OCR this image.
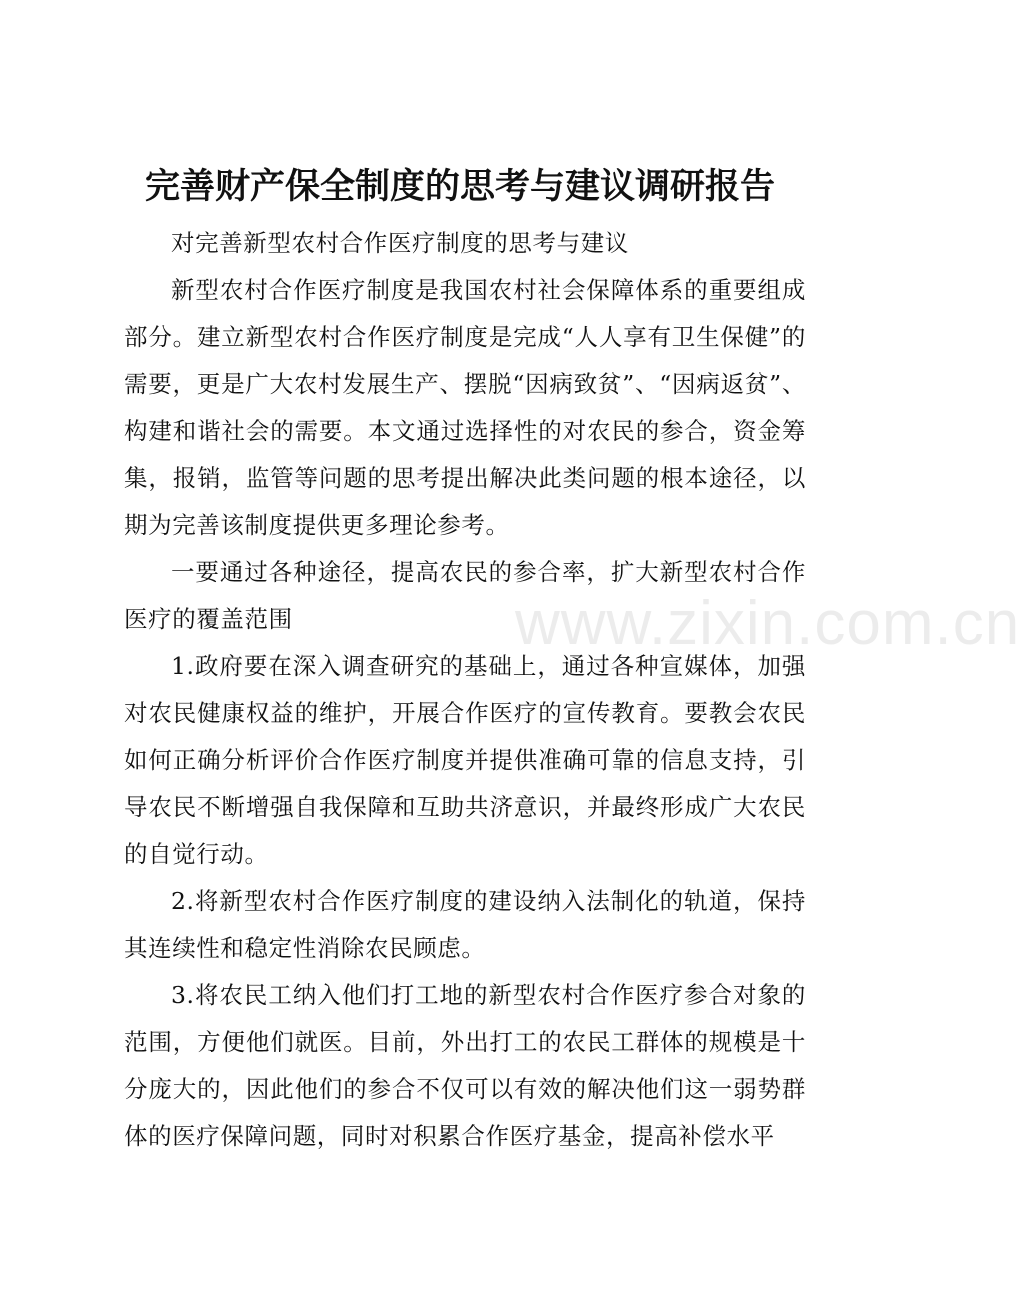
完善财产保全制度的思考与建议调研报告

对完善新型农村合作医疗制度的思考与建议

新型农村合作医疗制度是我国农村社会保障体系的重要组成部分。建立新型农村合作医疗制度是完成“人人享有卫生保健”的需要，更是广大农村发展生产、摆脱“因病致贫”、“因病返贫”、构建和谐社会的需要。本文通过选择性的对农民的参合，资金筹集，报销，监管等问题的思考提出解决此类问题的根本途径，以期为完善该制度提供更多理论参考。

一要通过各种途径，提高农民的参合率，扩大新型农村合作医疗的覆盖范围

1.政府要在深入调查研究的基础上，通过各种宣媒体，加强对农民健康权益的维护，开展合作医疗的宣传教育。要教会农民如何正确分析评价合作医疗制度并提供准确可靠的信息支持，引导农民不断增强自我保障和互助共济意识，并最终形成广大农民的自觉行动。

2.将新型农村合作医疗制度的建设纳入法制化的轨道，保持其连续性和稳定性消除农民顾虑。

3.将农民工纳入他们打工地的新型农村合作医疗参合对象的范围，方便他们就医。目前，外出打工的农民工群体的规模是十分庞大的，因此他们的参合不仅可以有效的解决他们这一弱势群体的医疗保障问题，同时对积累合作医疗基金，提高补偿水平

www.zixin.com.cn
